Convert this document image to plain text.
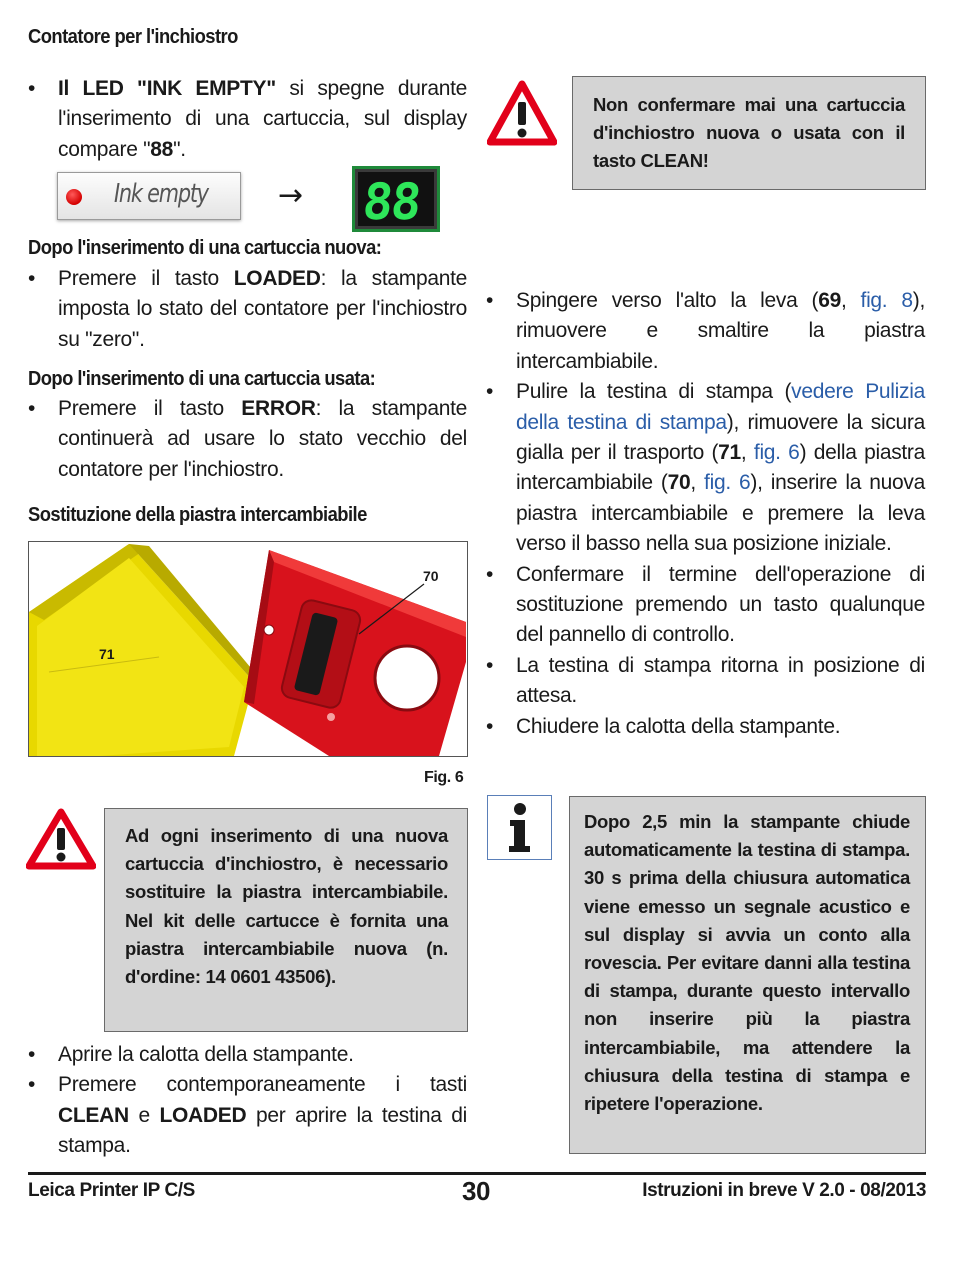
Contatore per l'inchiostro
• Il LED "INK EMPTY" si spegne durante l'inserimento di una cartuccia, sul display compare "88".
Ink empty → 88
Dopo l'inserimento di una cartuccia nuova:
• Premere il tasto LOADED: la stampante imposta lo stato del contatore per l'inchiostro su "zero".
Dopo l'inserimento di una cartuccia usata:
• Premere il tasto ERROR: la stampante continuerà ad usare lo stato vecchio del contatore per l'inchiostro.
Sostituzione della piastra intercambiabile
70
71
Fig. 6
Ad ogni inserimento di una nuova cartuccia d'inchiostro, è necessario sostituire la piastra intercambiabile. Nel kit delle cartucce è fornita una piastra intercambiabile nuova (n. d'ordine: 14 0601 43506).
• Aprire la calotta della stampante.
• Premere contemporaneamente i tasti CLEAN e LOADED per aprire la testina di stampa.
Non confermare mai una cartuccia d'inchiostro nuova o usata con il tasto CLEAN!
• Spingere verso l'alto la leva (69, fig. 8), rimuovere e smaltire la piastra intercambiabile.
• Pulire la testina di stampa (vedere Pulizia della testina di stampa), rimuovere la sicura gialla per il trasporto (71, fig. 6) della piastra intercambiabile (70, fig. 6), inserire la nuova piastra intercambiabile e premere la leva verso il basso nella sua posizione iniziale.
• Confermare il termine dell'operazione di sostituzione premendo un tasto qualunque del pannello di controllo.
• La testina di stampa ritorna in posizione di attesa.
• Chiudere la calotta della stampante.
Dopo 2,5 min la stampante chiude automaticamente la testina di stampa. 30 s prima della chiusura automatica viene emesso un segnale acustico e sul display si avvia un conto alla rovescia. Per evitare danni alla testina di stampa, durante questo intervallo non inserire più la piastra intercambiabile, ma attendere la chiusura della testina di stampa e ripetere l'operazione.
Leica Printer IP C/S	30	Istruzioni in breve V 2.0 - 08/2013
